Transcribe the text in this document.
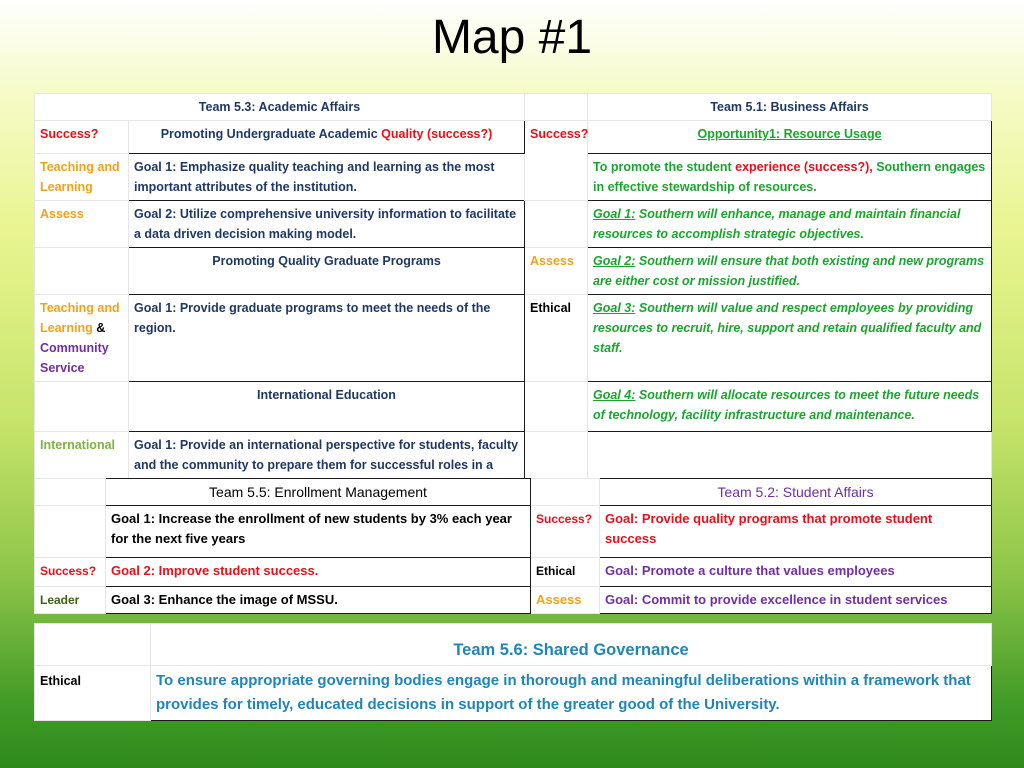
Map #1
Team 5.3: Academic Affairs			Team 5.1: Business Affairs
Success?	Promoting Undergraduate Academic Quality (success?)	Success?	Opportunity1: Resource Usage
Teaching and Learning	Goal 1: Emphasize quality teaching and learning as the most important attributes of the institution.		To promote the student experience (success?), Southern engages in effective stewardship of resources.
Assess	Goal 2: Utilize comprehensive university information to facilitate a data driven decision making model.		Goal 1: Southern will enhance, manage and maintain financial resources to accomplish strategic objectives.
	Promoting Quality Graduate Programs	Assess	Goal 2: Southern will ensure that both existing and new programs are either cost or mission justified.
Teaching and Learning & Community Service	Goal 1: Provide graduate programs to meet the needs of the region.	Ethical	Goal 3: Southern will value and respect employees by providing resources to recruit, hire, support and retain qualified faculty and staff.
	International Education		Goal 4: Southern will allocate resources to meet the future needs of technology, facility infrastructure and maintenance.
International	Goal 1: Provide an international perspective for students, faculty and the community to prepare them for successful roles in a		
	Team 5.5: Enrollment Management		Team 5.2: Student Affairs
	Goal 1: Increase the enrollment of new students by 3% each year for the next five years	Success?	Goal: Provide quality programs that promote student success
Success?	Goal 2: Improve student success.	Ethical	Goal: Promote a culture that values employees
Leader	Goal 3: Enhance the image of MSSU.	Assess	Goal: Commit to provide excellence in student services
	Team 5.6: Shared Governance
Ethical	To ensure appropriate governing bodies engage in thorough and meaningful deliberations within a framework that provides for timely, educated decisions in support of the greater good of the University.
